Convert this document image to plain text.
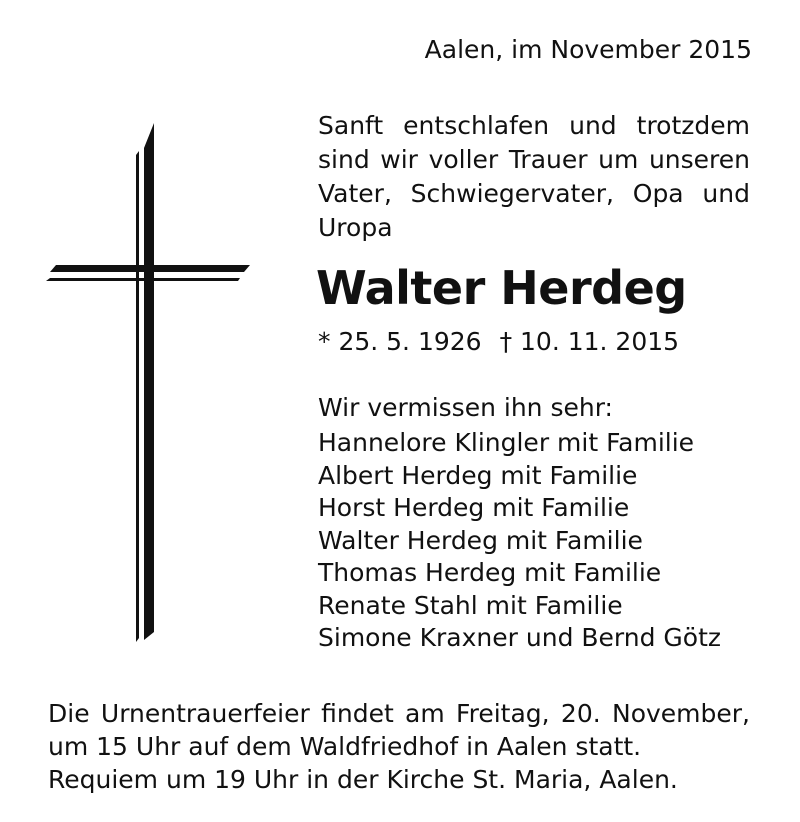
Aalen, im November 2015
Sanft entschlafen und trotzdem
sind wir voller Trauer um unseren
Vater, Schwiegervater, Opa und
Uropa
Walter Herdeg
* 25. 5. 1926 † 10. 11. 2015
Wir vermissen ihn sehr:
Hannelore Klingler mit Familie
Albert Herdeg mit Familie
Horst Herdeg mit Familie
Walter Herdeg mit Familie
Thomas Herdeg mit Familie
Renate Stahl mit Familie
Simone Kraxner und Bernd Götz
Die Urnentrauerfeier findet am Freitag, 20. November,
um 15 Uhr auf dem Waldfriedhof in Aalen statt.
Requiem um 19 Uhr in der Kirche St. Maria, Aalen.
